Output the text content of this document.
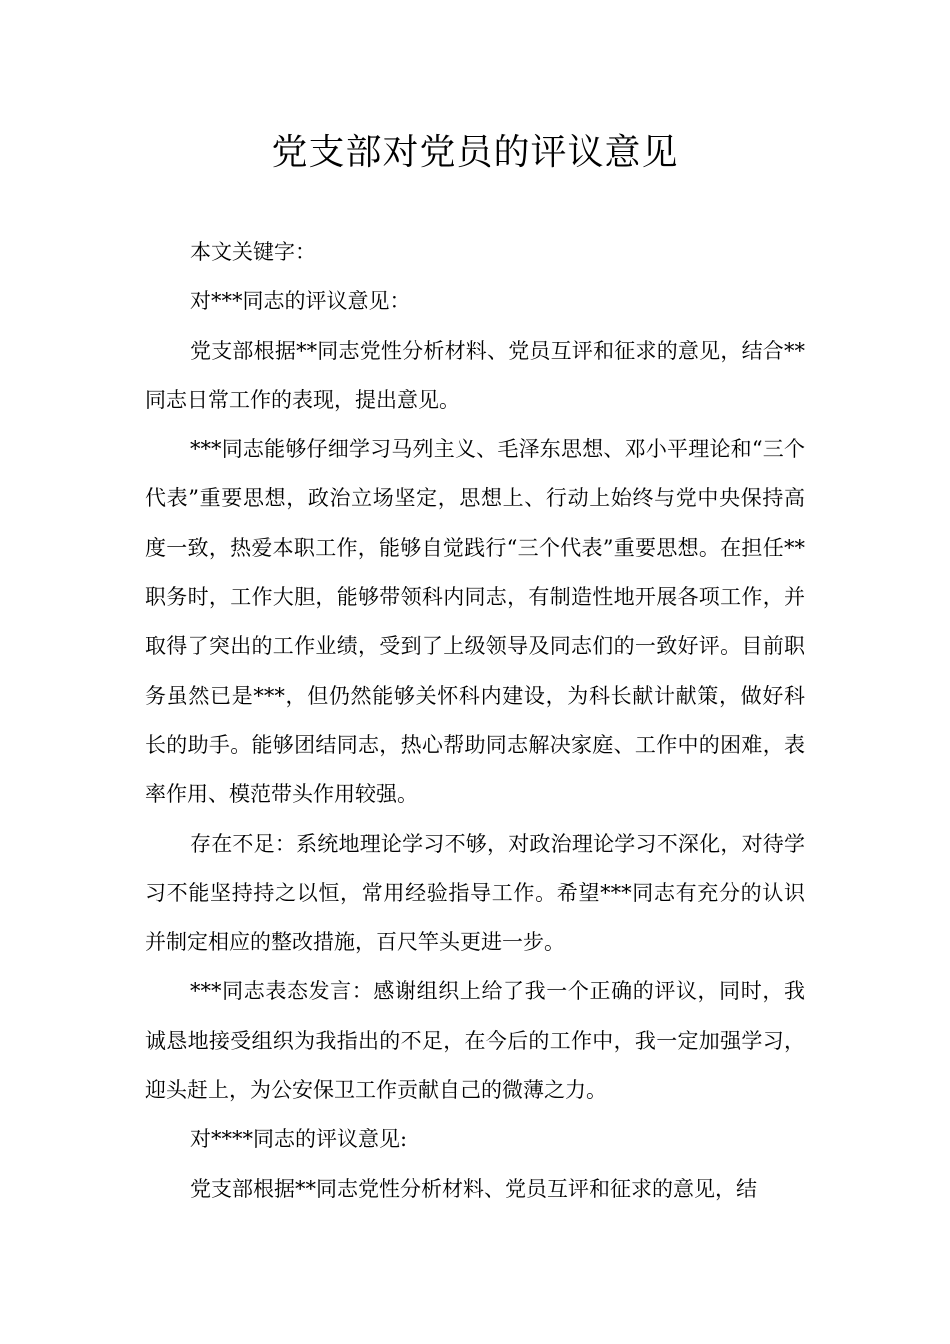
党支部对党员的评议意见

本文关键字：

对***同志的评议意见：

党支部根据**同志党性分析材料、党员互评和征求的意见，结合**同志日常工作的表现，提出意见。

***同志能够仔细学习马列主义、毛泽东思想、邓小平理论和“三个代表”重要思想，政治立场坚定，思想上、行动上始终与党中央保持高度一致，热爱本职工作，能够自觉践行“三个代表”重要思想。在担任**职务时，工作大胆，能够带领科内同志，有制造性地开展各项工作，并取得了突出的工作业绩，受到了上级领导及同志们的一致好评。目前职务虽然已是***，但仍然能够关怀科内建设，为科长献计献策，做好科长的助手。能够团结同志，热心帮助同志解决家庭、工作中的困难，表率作用、模范带头作用较强。

存在不足：系统地理论学习不够，对政治理论学习不深化，对待学习不能坚持持之以恒，常用经验指导工作。希望***同志有充分的认识并制定相应的整改措施，百尺竿头更进一步。

***同志表态发言：感谢组织上给了我一个正确的评议，同时，我诚恳地接受组织为我指出的不足，在今后的工作中，我一定加强学习，迎头赶上，为公安保卫工作贡献自己的微薄之力。

对****同志的评议意见:

党支部根据**同志党性分析材料、党员互评和征求的意见，结
